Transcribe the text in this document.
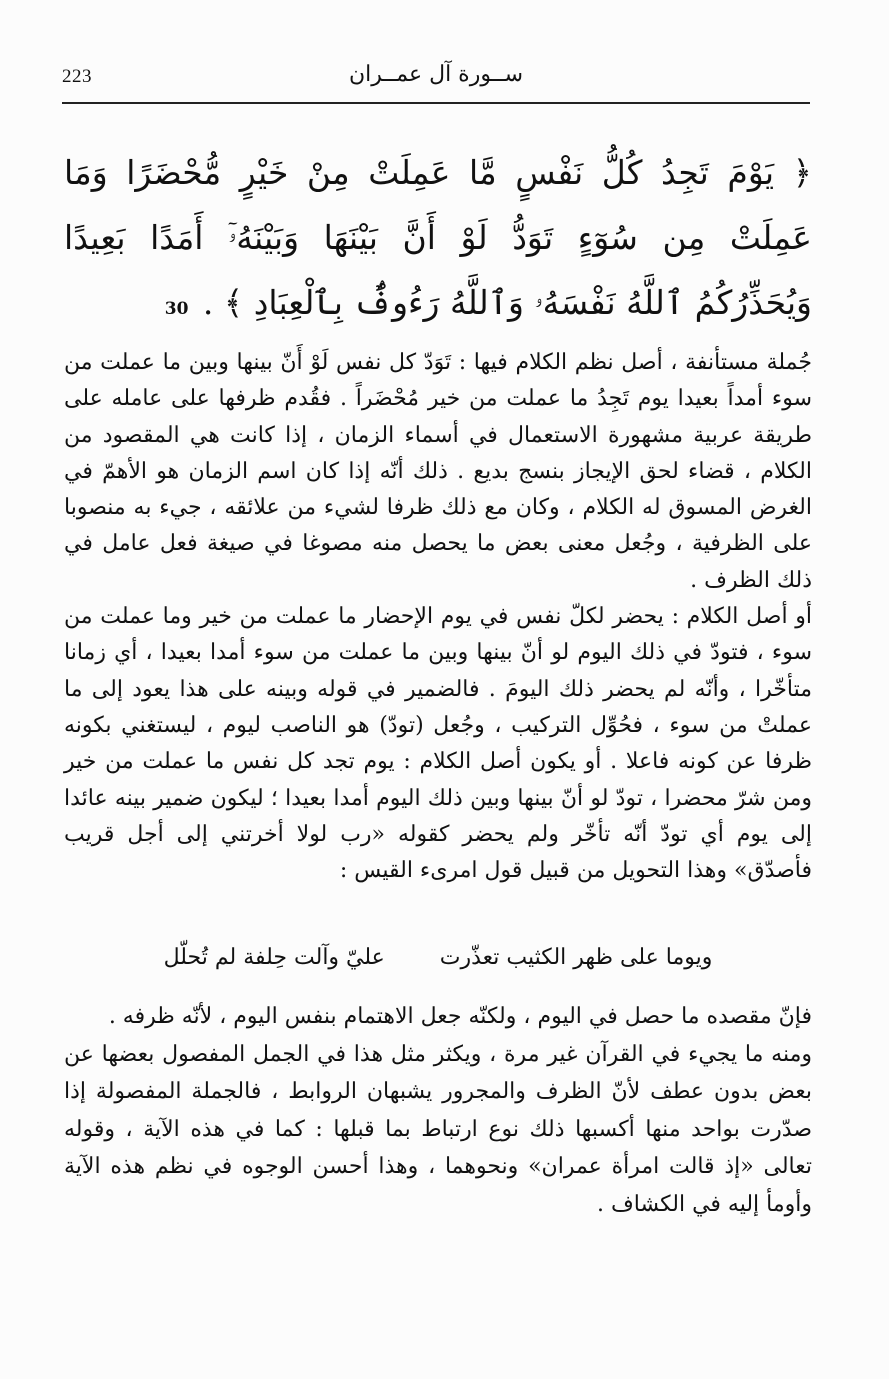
223	ســورة آل عمــران
﴿ يَوْمَ تَجِدُ كُلُّ نَفْسٍ مَّا عَمِلَتْ مِنْ خَيْرٍ مُّحْضَرًا وَمَا عَمِلَتْ مِن سُوٓءٍ تَوَدُّ لَوْ أَنَّ بَيْنَهَا وَبَيْنَهُۥٓ أَمَدًا بَعِيدًا وَيُحَذِّرُكُمُ ٱللَّهُ نَفْسَهُۥ وَٱللَّهُ رَءُوفٌۢ بِٱلْعِبَادِ ﴾ . 30

جُملة مستأنفة ، أصل نظم الكلام فيها : تَوَدّ كل نفس لَوْ أَنّ بينها وبين ما عملت من سوء أمداً بعيدا يوم تَجِدُ ما عملت من خير مُحْضَراً . فقُدم ظرفها على عامله على طريقة عربية مشهورة الاستعمال في أسماء الزمان ، إذا كانت هي المقصود من الكلام ، قضاء لحق الإيجاز بنسج بديع . ذلك أنّه إذا كان اسم الزمان هو الأهمّ في الغرض المسوق له الكلام ، وكان مع ذلك ظرفا لشيء من علائقه ، جيء به منصوبا على الظرفية ، وجُعل معنى بعض ما يحصل منه مصوغا في صيغة فعل عامل في ذلك الظرف .

أو أصل الكلام : يحضر لكلّ نفس في يوم الإحضار ما عملت من خير وما عملت من سوء ، فتودّ في ذلك اليوم لو أنّ بينها وبين ما عملت من سوء أمدا بعيدا ، أي زمانا متأخّرا ، وأنّه لم يحضر ذلك اليومَ . فالضمير في قوله وبينه على هذا يعود إلى ما عملتْ من سوء ، فحُوِّل التركيب ، وجُعل (تودّ) هو الناصب ليوم ، ليستغني بكونه ظرفا عن كونه فاعلا . أو يكون أصل الكلام : يوم تجد كل نفس ما عملت من خير ومن شرّ محضرا ، تودّ لو أنّ بينها وبين ذلك اليوم أمدا بعيدا ؛ ليكون ضمير بينه عائدا إلى يوم أي تودّ أنّه تأخّر ولم يحضر كقوله «رب لولا أخرتني إلى أجل قريب فأصدّق» وهذا التحويل من قبيل قول امرىء القيس :

ويوما على ظهر الكثيب تعذّرت عليّ وآلت حِلفة لم تُحلّل

فإنّ مقصده ما حصل في اليوم ، ولكنّه جعل الاهتمام بنفس اليوم ، لأنّه ظرفه .

ومنه ما يجيء في القرآن غير مرة ، ويكثر مثل هذا في الجمل المفصول بعضها عن بعض بدون عطف لأنّ الظرف والمجرور يشبهان الروابط ، فالجملة المفصولة إذا صدّرت بواحد منها أكسبها ذلك نوع ارتباط بما قبلها : كما في هذه الآية ، وقوله تعالى «إذ قالت امرأة عمران» ونحوهما ، وهذا أحسن الوجوه في نظم هذه الآية وأومأ إليه في الكشاف .
